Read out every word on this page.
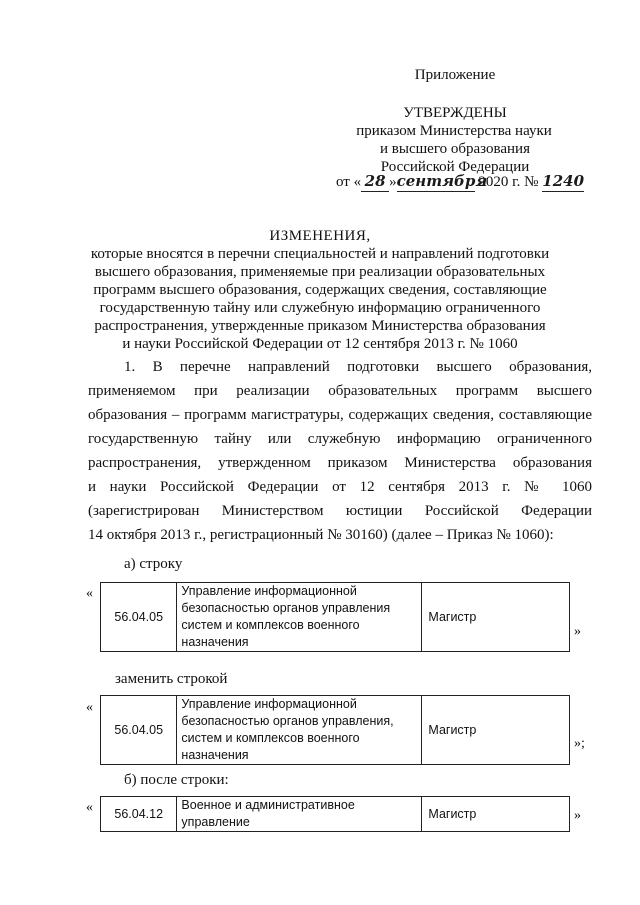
Приложение
УТВЕРЖДЕНЫ
приказом Министерства науки
и высшего образования
Российской Федерации
от « 28 »сентября 2020 г. № 1240
ИЗМЕНЕНИЯ,
которые вносятся в перечни специальностей и направлений подготовки
высшего образования, применяемые при реализации образовательных
программ высшего образования, содержащих сведения, составляющие
государственную тайну или служебную информацию ограниченного
распространения, утвержденные приказом Министерства образования
и науки Российской Федерации от 12 сентября 2013 г. № 1060
1. В перечне направлений подготовки высшего образования,
применяемом при реализации образовательных программ высшего
образования – программ магистратуры, содержащих сведения, составляющие
государственную тайну или служебную информацию ограниченного
распространения, утвержденном приказом Министерства образования
и науки Российской Федерации от 12 сентября 2013 г. № 1060
(зарегистрирован Министерством юстиции Российской Федерации
14 октября 2013 г., регистрационный № 30160) (далее – Приказ № 1060):
а) строку
«
56.04.05	Управление информационной безопасностью органов управления систем и комплексов военного назначения	Магистр
»
заменить строкой
«
56.04.05	Управление информационной безопасностью органов управления, систем и комплексов военного назначения	Магистр
»;
б) после строки:
« 56.04.12	Военное и административное управление	Магистр	»
